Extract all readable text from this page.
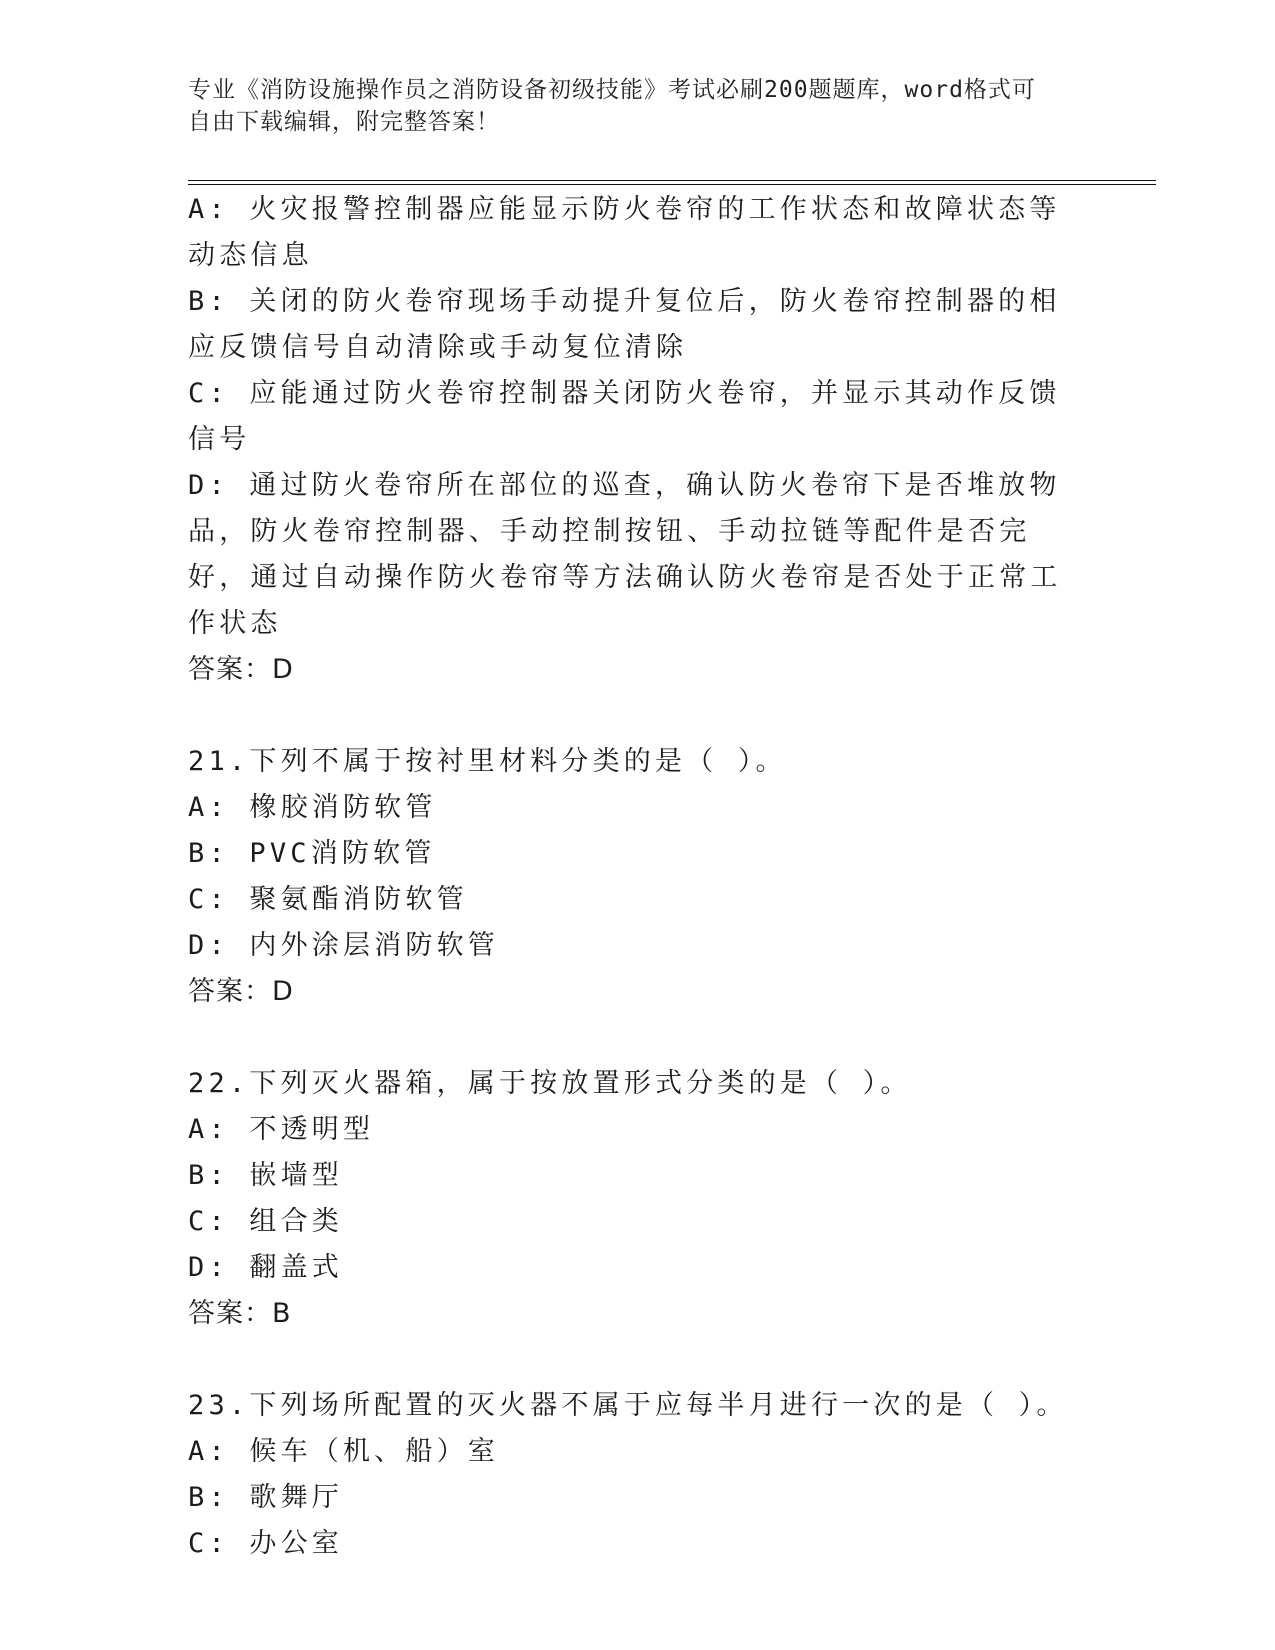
专业《消防设施操作员之消防设备初级技能》考试必刷200题题库，word格式可
自由下载编辑，附完整答案！

A: 火灾报警控制器应能显示防火卷帘的工作状态和故障状态等动态信息

B: 关闭的防火卷帘现场手动提升复位后，防火卷帘控制器的相应反馈信号自动清除或手动复位清除

C: 应能通过防火卷帘控制器关闭防火卷帘，并显示其动作反馈信号

D: 通过防火卷帘所在部位的巡查，确认防火卷帘下是否堆放物品，防火卷帘控制器、手动控制按钮、手动拉链等配件是否完好，通过自动操作防火卷帘等方法确认防火卷帘是否处于正常工作状态

答案：D

21.下列不属于按衬里材料分类的是（ ）。

A: 橡胶消防软管

B: PVC消防软管

C: 聚氨酯消防软管

D: 内外涂层消防软管

答案：D

22.下列灭火器箱，属于按放置形式分类的是（ ）。

A: 不透明型

B: 嵌墙型

C: 组合类

D: 翻盖式

答案：B

23.下列场所配置的灭火器不属于应每半月进行一次的是（ ）。

A: 候车（机、船）室

B: 歌舞厅

C: 办公室
